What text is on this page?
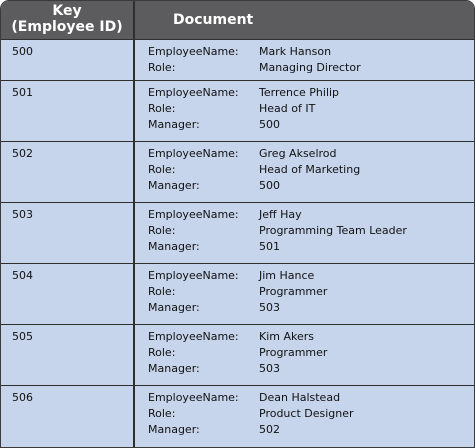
Key
(Employee ID)	Document
500	EmployeeName: Mark Hanson
Role:	Managing Director
501	EmployeeName: Terrence Philip
Role:	Head of IT
Manager:	500
502	EmployeeName: Greg Akselrod
Role:	Head of Marketing
Manager:	500
503	EmployeeName: Jeff Hay
Role:	Programming Team Leader
Manager:	501
504	EmployeeName: Jim Hance
Role:	Programmer
Manager:	503
505	EmployeeName: Kim Akers
Role:	Programmer
Manager:	503
506	EmployeeName: Dean Halstead
Role:	Product Designer
Manager:	502
